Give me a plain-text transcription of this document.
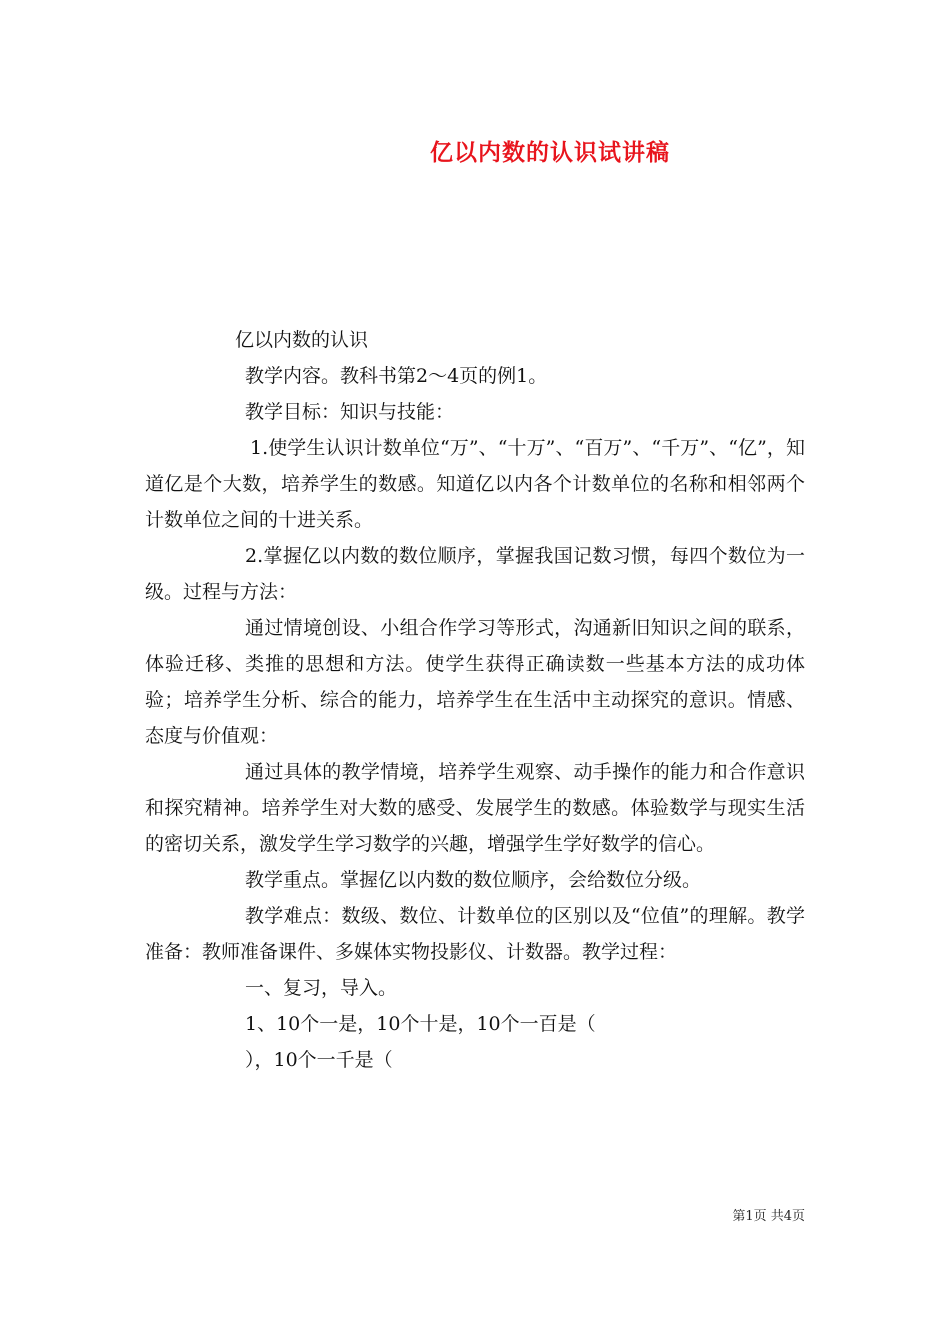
亿以内数的认识试讲稿

亿以内数的认识

教学内容。教科书第2～4页的例1。

教学目标：知识与技能：

1.使学生认识计数单位“万”、“十万”、“百万”、“千万”、“亿”，知道亿是个大数，培养学生的数感。知道亿以内各个计数单位的名称和相邻两个计数单位之间的十进关系。

2.掌握亿以内数的数位顺序，掌握我国记数习惯，每四个数位为一级。过程与方法：

通过情境创设、小组合作学习等形式，沟通新旧知识之间的联系，体验迁移、类推的思想和方法。使学生获得正确读数一些基本方法的成功体验；培养学生分析、综合的能力，培养学生在生活中主动探究的意识。情感、态度与价值观：

通过具体的教学情境，培养学生观察、动手操作的能力和合作意识和探究精神。培养学生对大数的感受、发展学生的数感。体验数学与现实生活的密切关系，激发学生学习数学的兴趣，增强学生学好数学的信心。

教学重点。掌握亿以内数的数位顺序，会给数位分级。

教学难点：数级、数位、计数单位的区别以及“位值”的理解。教学准备：教师准备课件、多媒体实物投影仪、计数器。教学过程：

一、复习，导入。

1、10个一是，10个十是，10个一百是（

），10个一千是（

第1页 共4页
